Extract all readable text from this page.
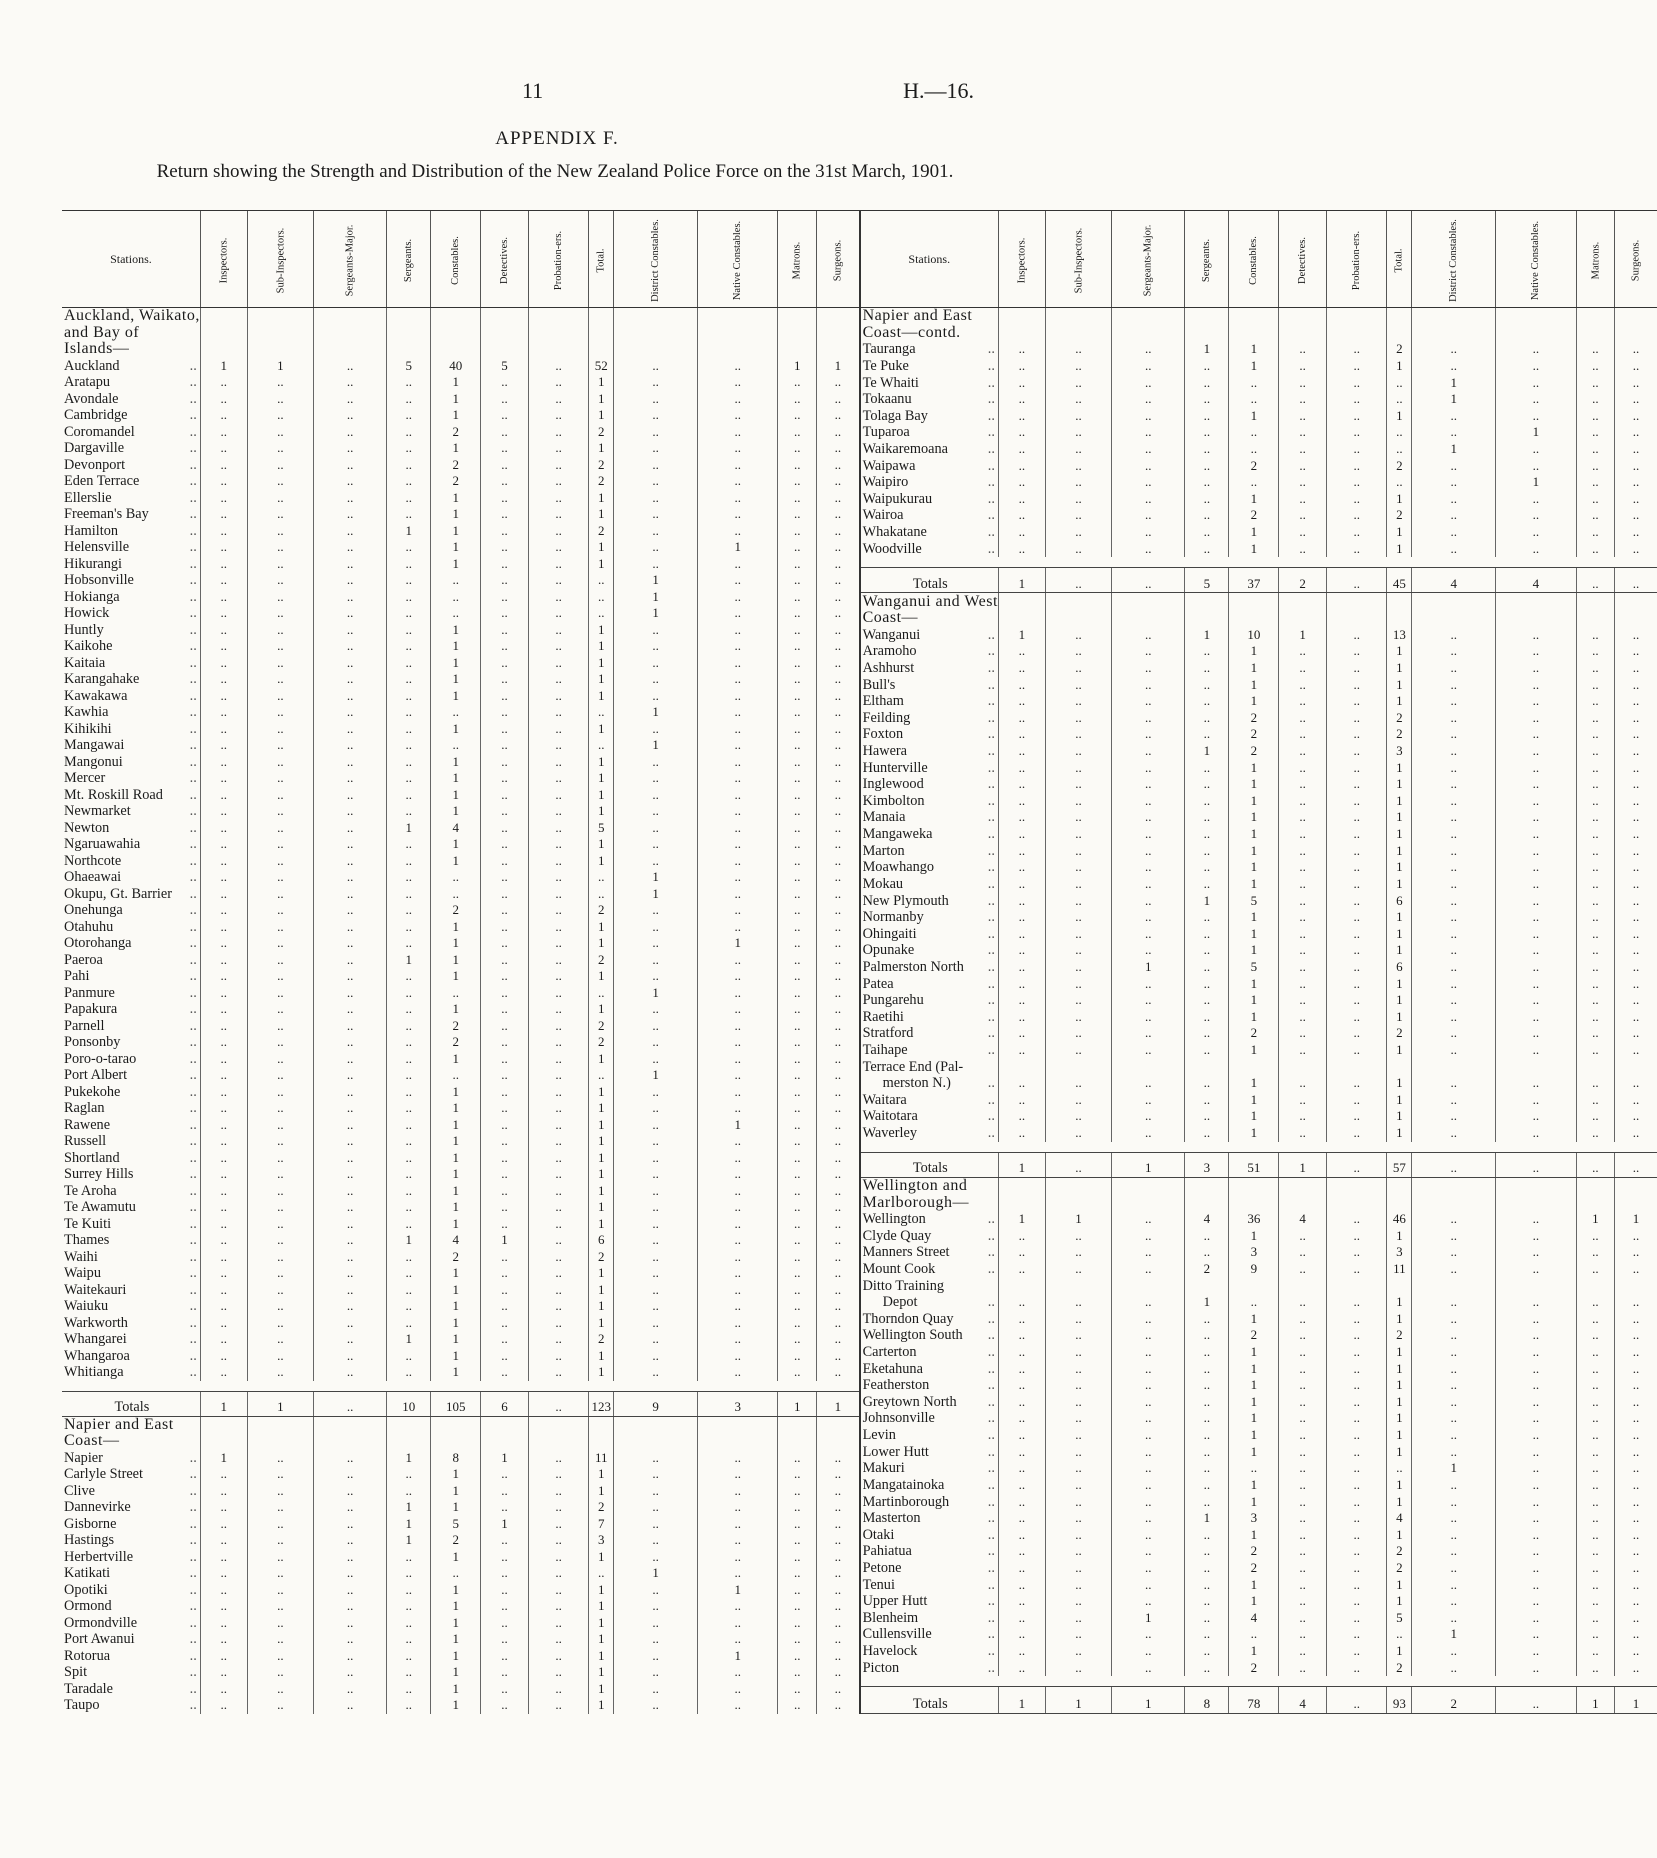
11	H.—16.
APPENDIX F.
Return showing the Strength and Distribution of the New Zealand Police Force on the 31st March, 1901.
Stations.	Inspectors.	Sub-Inspectors.	Sergeants-Major.	Sergeants.	Constables.	Detectives.	Probation-ers.	Total.	District Constables.	Native Constables.	Matrons.	Surgeons.
Auckland, Waikato,												
and Bay of												
Islands—												
Auckland ..	1	1	..	5	40	5	..	52	..	..	1	1
Aratapu ..	..	..	..	..	1	..	..	1	..	..	..	..
Avondale ..	..	..	..	..	1	..	..	1	..	..	..	..
Cambridge ..	..	..	..	..	1	..	..	1	..	..	..	..
Coromandel ..	..	..	..	..	2	..	..	2	..	..	..	..
Dargaville ..	..	..	..	..	1	..	..	1	..	..	..	..
Devonport ..	..	..	..	..	2	..	..	2	..	..	..	..
Eden Terrace ..	..	..	..	..	2	..	..	2	..	..	..	..
Ellerslie ..	..	..	..	..	1	..	..	1	..	..	..	..
Freeman's Bay ..	..	..	..	..	1	..	..	1	..	..	..	..
Hamilton ..	..	..	..	1	1	..	..	2	..	..	..	..
Helensville ..	..	..	..	..	1	..	..	1	..	1	..	..
Hikurangi ..	..	..	..	..	1	..	..	1	..	..	..	..
Hobsonville ..	..	..	..	..	..	..	..	..	1	..	..	..
Hokianga ..	..	..	..	..	..	..	..	..	1	..	..	..
Howick ..	..	..	..	..	..	..	..	..	1	..	..	..
Huntly ..	..	..	..	..	1	..	..	1	..	..	..	..
Kaikohe ..	..	..	..	..	1	..	..	1	..	..	..	..
Kaitaia ..	..	..	..	..	1	..	..	1	..	..	..	..
Karangahake ..	..	..	..	..	1	..	..	1	..	..	..	..
Kawakawa ..	..	..	..	..	1	..	..	1	..	..	..	..
Kawhia ..	..	..	..	..	..	..	..	..	1	..	..	..
Kihikihi ..	..	..	..	..	1	..	..	1	..	..	..	..
Mangawai ..	..	..	..	..	..	..	..	..	1	..	..	..
Mangonui ..	..	..	..	..	1	..	..	1	..	..	..	..
Mercer ..	..	..	..	..	1	..	..	1	..	..	..	..
Mt. Roskill Road ..	..	..	..	..	1	..	..	1	..	..	..	..
Newmarket ..	..	..	..	..	1	..	..	1	..	..	..	..
Newton ..	..	..	..	1	4	..	..	5	..	..	..	..
Ngaruawahia ..	..	..	..	..	1	..	..	1	..	..	..	..
Northcote ..	..	..	..	..	1	..	..	1	..	..	..	..
Ohaeawai ..	..	..	..	..	..	..	..	..	1	..	..	..
Okupu, Gt. Barrier ..	..	..	..	..	..	..	..	..	1	..	..	..
Onehunga ..	..	..	..	..	2	..	..	2	..	..	..	..
Otahuhu ..	..	..	..	..	1	..	..	1	..	..	..	..
Otorohanga ..	..	..	..	..	1	..	..	1	..	1	..	..
Paeroa ..	..	..	..	1	1	..	..	2	..	..	..	..
Pahi ..	..	..	..	..	1	..	..	1	..	..	..	..
Panmure ..	..	..	..	..	..	..	..	..	1	..	..	..
Papakura ..	..	..	..	..	1	..	..	1	..	..	..	..
Parnell ..	..	..	..	..	2	..	..	2	..	..	..	..
Ponsonby ..	..	..	..	..	2	..	..	2	..	..	..	..
Poro-o-tarao ..	..	..	..	..	1	..	..	1	..	..	..	..
Port Albert ..	..	..	..	..	..	..	..	..	1	..	..	..
Pukekohe ..	..	..	..	..	1	..	..	1	..	..	..	..
Raglan ..	..	..	..	..	1	..	..	1	..	..	..	..
Rawene ..	..	..	..	..	1	..	..	1	..	1	..	..
Russell ..	..	..	..	..	1	..	..	1	..	..	..	..
Shortland ..	..	..	..	..	1	..	..	1	..	..	..	..
Surrey Hills ..	..	..	..	..	1	..	..	1	..	..	..	..
Te Aroha ..	..	..	..	..	1	..	..	1	..	..	..	..
Te Awamutu ..	..	..	..	..	1	..	..	1	..	..	..	..
Te Kuiti ..	..	..	..	..	1	..	..	1	..	..	..	..
Thames ..	..	..	..	1	4	1	..	6	..	..	..	..
Waihi ..	..	..	..	..	2	..	..	2	..	..	..	..
Waipu ..	..	..	..	..	1	..	..	1	..	..	..	..
Waitekauri ..	..	..	..	..	1	..	..	1	..	..	..	..
Waiuku ..	..	..	..	..	1	..	..	1	..	..	..	..
Warkworth ..	..	..	..	..	1	..	..	1	..	..	..	..
Whangarei ..	..	..	..	1	1	..	..	2	..	..	..	..
Whangaroa ..	..	..	..	..	1	..	..	1	..	..	..	..
Whitianga ..	..	..	..	..	1	..	..	1	..	..	..	..

Totals	1	1	..	10	105	6	..	123	9	3	1	1
Napier and East												
Coast—												
Napier ..	1	..	..	1	8	1	..	11	..	..	..	..
Carlyle Street ..	..	..	..	..	1	..	..	1	..	..	..	..
Clive ..	..	..	..	..	1	..	..	1	..	..	..	..
Dannevirke ..	..	..	..	1	1	..	..	2	..	..	..	..
Gisborne ..	..	..	..	1	5	1	..	7	..	..	..	..
Hastings ..	..	..	..	1	2	..	..	3	..	..	..	..
Herbertville ..	..	..	..	..	1	..	..	1	..	..	..	..
Katikati ..	..	..	..	..	..	..	..	..	1	..	..	..
Opotiki ..	..	..	..	..	1	..	..	1	..	1	..	..
Ormond ..	..	..	..	..	1	..	..	1	..	..	..	..
Ormondville ..	..	..	..	..	1	..	..	1	..	..	..	..
Port Awanui ..	..	..	..	..	1	..	..	1	..	..	..	..
Rotorua ..	..	..	..	..	1	..	..	1	..	1	..	..
Spit ..	..	..	..	..	1	..	..	1	..	..	..	..
Taradale ..	..	..	..	..	1	..	..	1	..	..	..	..
Taupo ..	..	..	..	..	1	..	..	1	..	..	..	..
Stations.	Inspectors.	Sub-Inspectors.	Sergeants-Major.	Sergeants.	Constables.	Detectives.	Probation-ers.	Total.	District Constables.	Native Constables.	Matrons.	Surgeons.
Napier and East												
Coast—contd.												
Tauranga ..	..	..	..	1	1	..	..	2	..	..	..	..
Te Puke ..	..	..	..	..	1	..	..	1	..	..	..	..
Te Whaiti ..	..	..	..	..	..	..	..	..	1	..	..	..
Tokaanu ..	..	..	..	..	..	..	..	..	1	..	..	..
Tolaga Bay ..	..	..	..	..	1	..	..	1	..	..	..	..
Tuparoa ..	..	..	..	..	..	..	..	..	..	1	..	..
Waikaremoana ..	..	..	..	..	..	..	..	..	1	..	..	..
Waipawa ..	..	..	..	..	2	..	..	2	..	..	..	..
Waipiro ..	..	..	..	..	..	..	..	..	..	1	..	..
Waipukurau ..	..	..	..	..	1	..	..	1	..	..	..	..
Wairoa ..	..	..	..	..	2	..	..	2	..	..	..	..
Whakatane ..	..	..	..	..	1	..	..	1	..	..	..	..
Woodville ..	..	..	..	..	1	..	..	1	..	..	..	..

Totals	1	..	..	5	37	2	..	45	4	4	..	..
Wanganui and West												
Coast—												
Wanganui ..	1	..	..	1	10	1	..	13	..	..	..	..
Aramoho ..	..	..	..	..	1	..	..	1	..	..	..	..
Ashhurst ..	..	..	..	..	1	..	..	1	..	..	..	..
Bull's ..	..	..	..	..	1	..	..	1	..	..	..	..
Eltham ..	..	..	..	..	1	..	..	1	..	..	..	..
Feilding ..	..	..	..	..	2	..	..	2	..	..	..	..
Foxton ..	..	..	..	..	2	..	..	2	..	..	..	..
Hawera ..	..	..	..	1	2	..	..	3	..	..	..	..
Hunterville ..	..	..	..	..	1	..	..	1	..	..	..	..
Inglewood ..	..	..	..	..	1	..	..	1	..	..	..	..
Kimbolton ..	..	..	..	..	1	..	..	1	..	..	..	..
Manaia ..	..	..	..	..	1	..	..	1	..	..	..	..
Mangaweka ..	..	..	..	..	1	..	..	1	..	..	..	..
Marton ..	..	..	..	..	1	..	..	1	..	..	..	..
Moawhango ..	..	..	..	..	1	..	..	1	..	..	..	..
Mokau ..	..	..	..	..	1	..	..	1	..	..	..	..
New Plymouth ..	..	..	..	1	5	..	..	6	..	..	..	..
Normanby ..	..	..	..	..	1	..	..	1	..	..	..	..
Ohingaiti ..	..	..	..	..	1	..	..	1	..	..	..	..
Opunake ..	..	..	..	..	1	..	..	1	..	..	..	..
Palmerston North ..	..	..	1	..	5	..	..	6	..	..	..	..
Patea ..	..	..	..	..	1	..	..	1	..	..	..	..
Pungarehu ..	..	..	..	..	1	..	..	1	..	..	..	..
Raetihi ..	..	..	..	..	1	..	..	1	..	..	..	..
Stratford ..	..	..	..	..	2	..	..	2	..	..	..	..
Taihape ..	..	..	..	..	1	..	..	1	..	..	..	..
Terrace End (Pal-												
merston N.) ..	..	..	..	..	1	..	..	1	..	..	..	..
Waitara ..	..	..	..	..	1	..	..	1	..	..	..	..
Waitotara ..	..	..	..	..	1	..	..	1	..	..	..	..
Waverley ..	..	..	..	..	1	..	..	1	..	..	..	..

Totals	1	..	1	3	51	1	..	57	..	..	..	..
Wellington and												
Marlborough—												
Wellington ..	1	1	..	4	36	4	..	46	..	..	1	1
Clyde Quay ..	..	..	..	..	1	..	..	1	..	..	..	..
Manners Street ..	..	..	..	..	3	..	..	3	..	..	..	..
Mount Cook ..	..	..	..	2	9	..	..	11	..	..	..	..
Ditto Training												
Depot ..	..	..	..	1	..	..	..	1	..	..	..	..
Thorndon Quay ..	..	..	..	..	1	..	..	1	..	..	..	..
Wellington South ..	..	..	..	..	2	..	..	2	..	..	..	..
Carterton ..	..	..	..	..	1	..	..	1	..	..	..	..
Eketahuna ..	..	..	..	..	1	..	..	1	..	..	..	..
Featherston ..	..	..	..	..	1	..	..	1	..	..	..	..
Greytown North ..	..	..	..	..	1	..	..	1	..	..	..	..
Johnsonville ..	..	..	..	..	1	..	..	1	..	..	..	..
Levin ..	..	..	..	..	1	..	..	1	..	..	..	..
Lower Hutt ..	..	..	..	..	1	..	..	1	..	..	..	..
Makuri ..	..	..	..	..	..	..	..	..	1	..	..	..
Mangatainoka ..	..	..	..	..	1	..	..	1	..	..	..	..
Martinborough ..	..	..	..	..	1	..	..	1	..	..	..	..
Masterton ..	..	..	..	1	3	..	..	4	..	..	..	..
Otaki ..	..	..	..	..	1	..	..	1	..	..	..	..
Pahiatua ..	..	..	..	..	2	..	..	2	..	..	..	..
Petone ..	..	..	..	..	2	..	..	2	..	..	..	..
Tenui ..	..	..	..	..	1	..	..	1	..	..	..	..
Upper Hutt ..	..	..	..	..	1	..	..	1	..	..	..	..
Blenheim ..	..	..	1	..	4	..	..	5	..	..	..	..
Cullensville ..	..	..	..	..	..	..	..	..	1	..	..	..
Havelock ..	..	..	..	..	1	..	..	1	..	..	..	..
Picton ..	..	..	..	..	2	..	..	2	..	..	..	..

Totals	1	1	1	8	78	4	..	93	2	..	1	1
